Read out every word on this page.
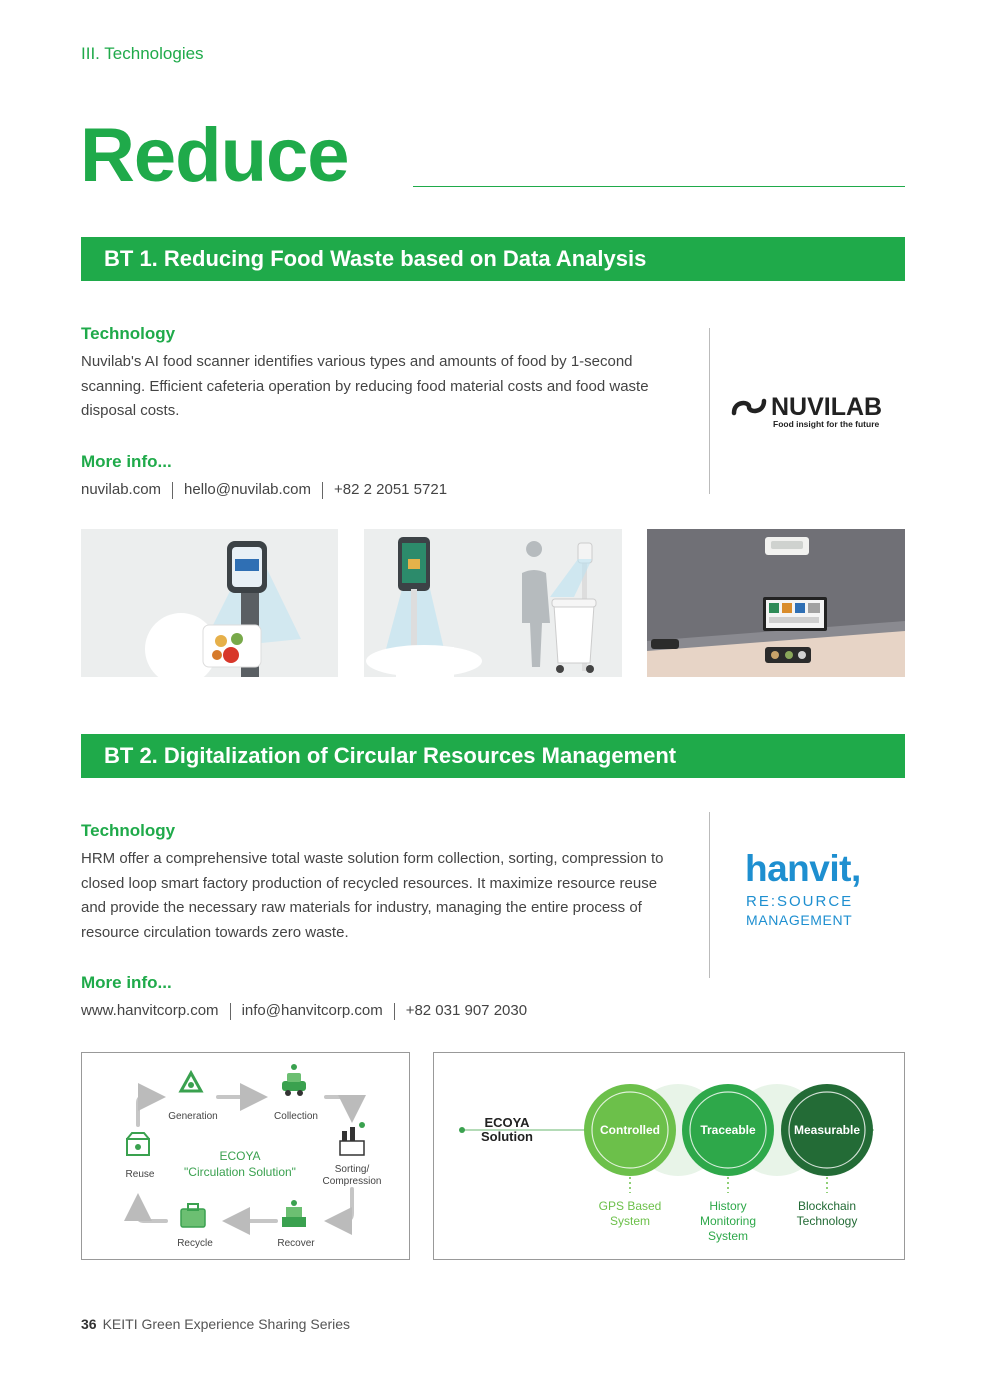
III. Technologies
Reduce
BT 1. Reducing Food Waste based on Data Analysis
Technology
Nuvilab's AI food scanner identifies various types and amounts of food by 1-second scanning. Efficient cafeteria operation by reducing food material costs and food waste disposal costs.
More info...
nuvilab.com hello@nuvilab.com +82 2 2051 5721
NUVILAB
Food insight for the future
BT 2. Digitalization of Circular Resources Management
Technology
HRM offer a comprehensive total waste solution form collection, sorting, compression to closed loop smart factory production of recycled resources. It maximize resource reuse and provide the necessary raw materials for industry, managing the entire process of resource circulation towards zero waste.
More info...
www.hanvitcorp.com info@hanvitcorp.com +82 031 907 2030
hanvit,
RE:SOURCE
MANAGEMENT
Generation	Collection
Sorting/
Compression
Recover
Recycle
Reuse
ECOYA
"Circulation Solution"
ECOYA
Solution	Controlled	Traceable	Measurable
GPS Based
System
History
Monitoring
System
Blockchain
Technology
36 KEITI Green Experience Sharing Series
